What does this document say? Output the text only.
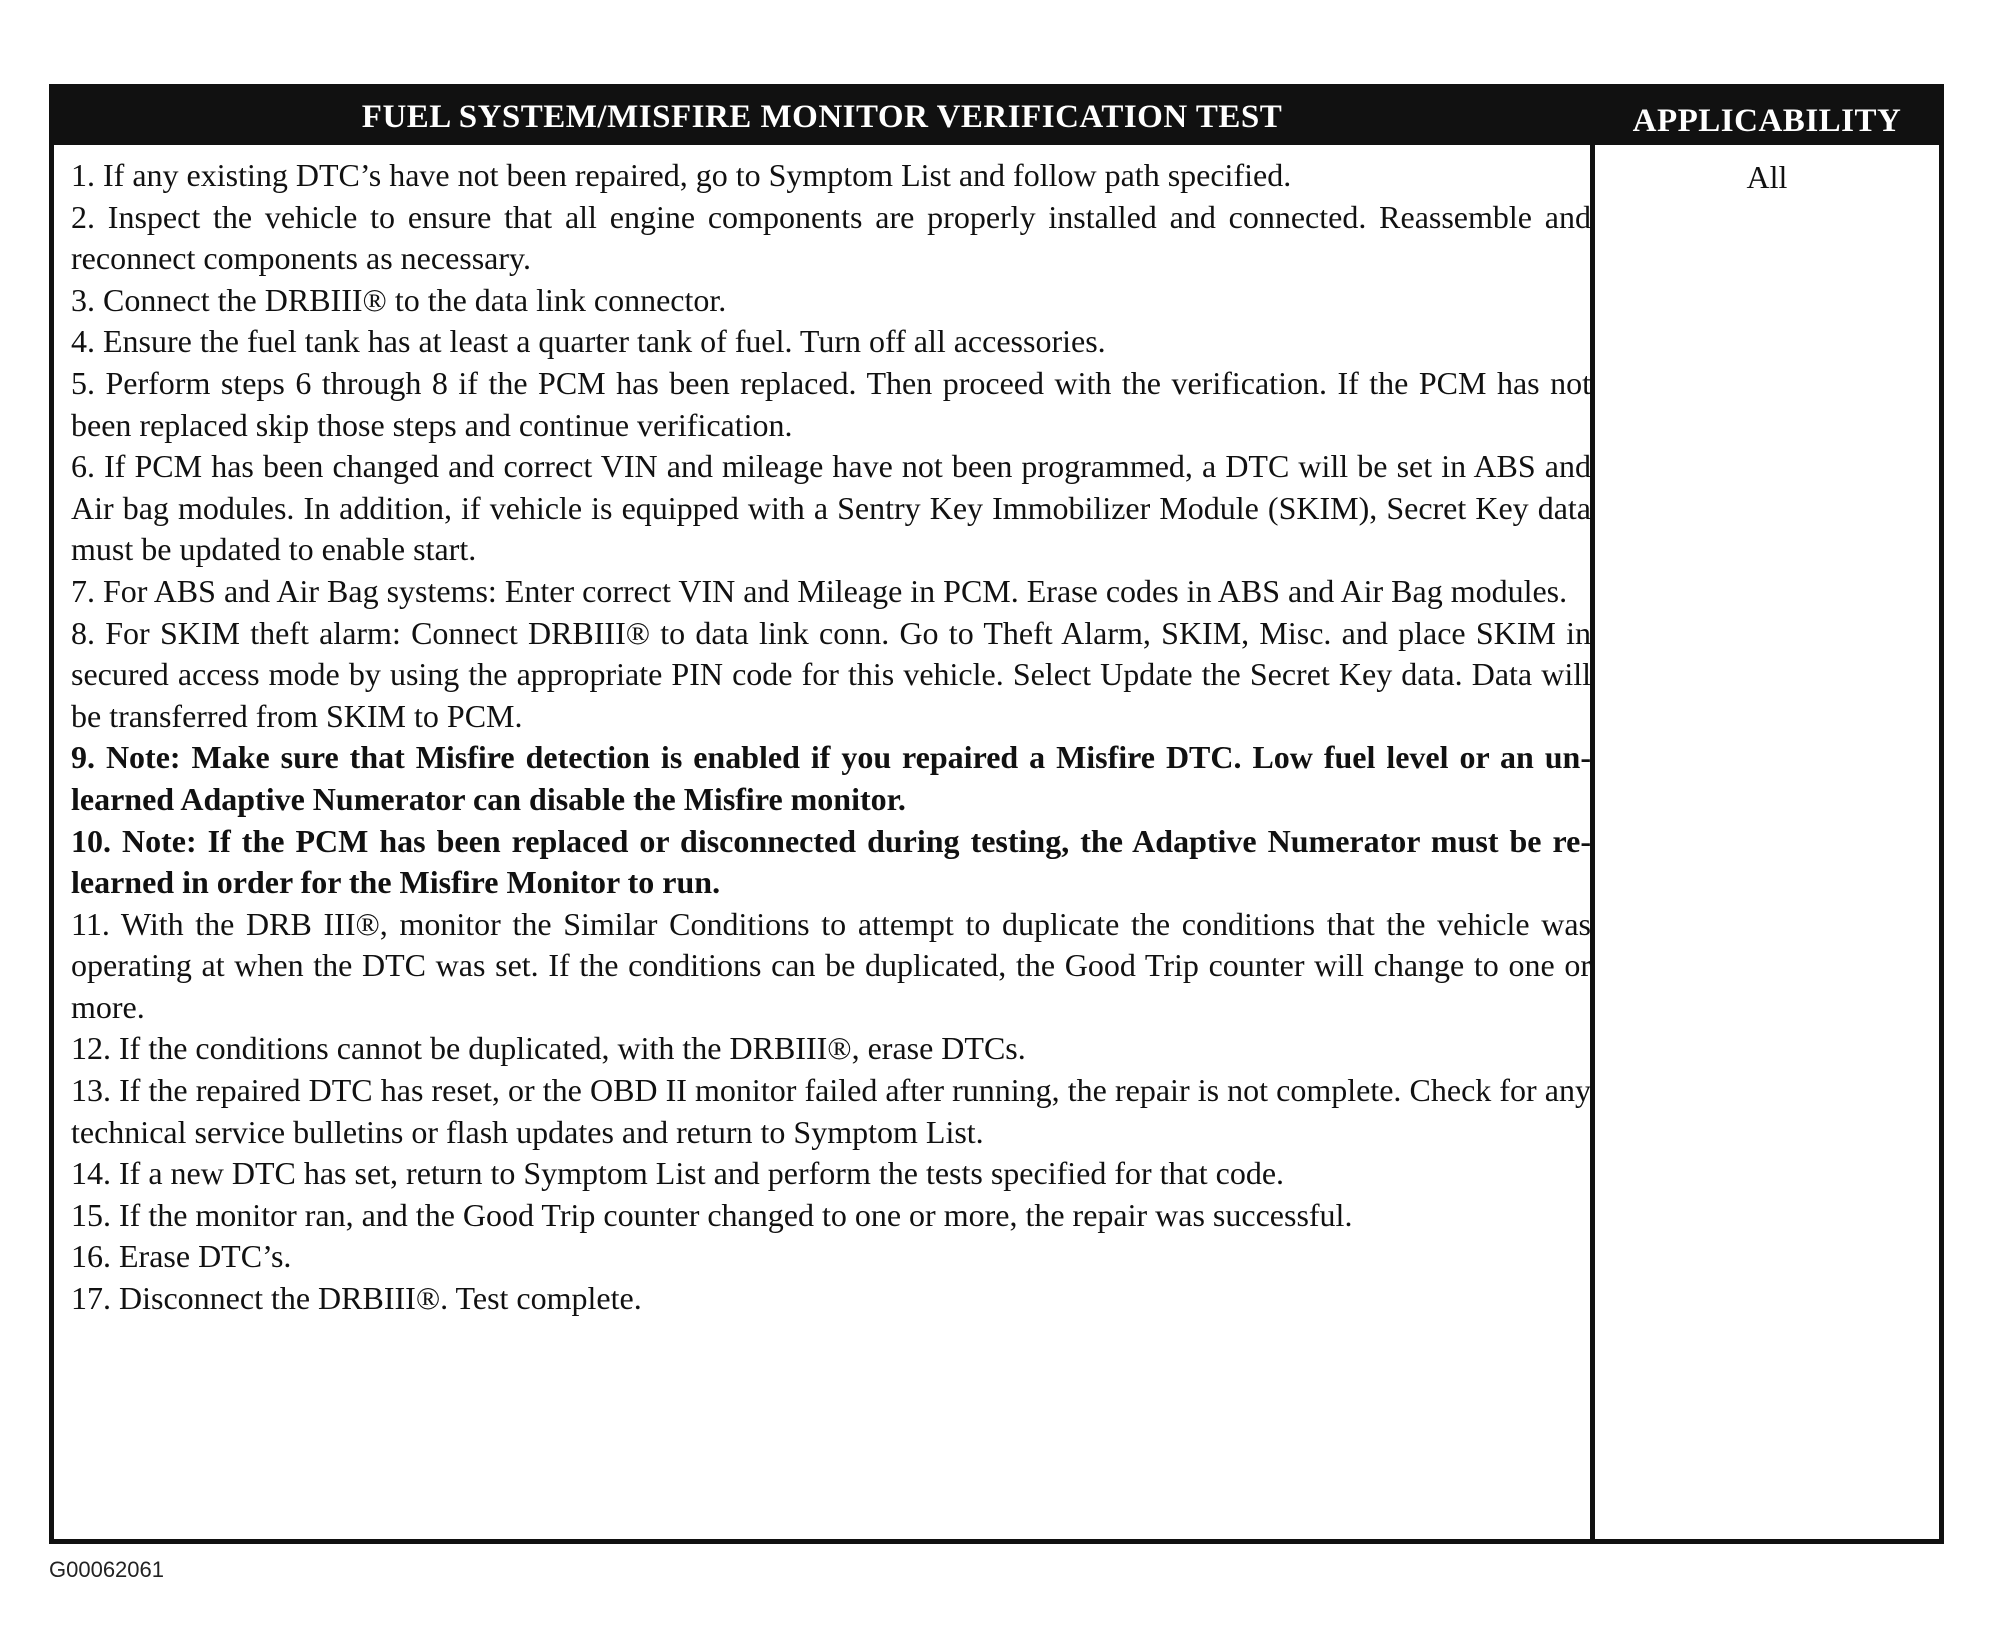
FUEL SYSTEM/MISFIRE MONITOR VERIFICATION TEST	APPLICABILITY

1. If any existing DTC’s have not been repaired, go to Symptom List and follow path specified.

2. Inspect the vehicle to ensure that all engine components are properly installed and connected. Reassemble and reconnect components as necessary.

3. Connect the DRBIII® to the data link connector.

4. Ensure the fuel tank has at least a quarter tank of fuel. Turn off all accessories.

5. Perform steps 6 through 8 if the PCM has been replaced. Then proceed with the verification. If the PCM has not been replaced skip those steps and continue verification.

6. If PCM has been changed and correct VIN and mileage have not been programmed, a DTC will be set in ABS and Air bag modules. In addition, if vehicle is equipped with a Sentry Key Immobilizer Module (SKIM), Secret Key data must be updated to enable start.

7. For ABS and Air Bag systems: Enter correct VIN and Mileage in PCM. Erase codes in ABS and Air Bag modules.

8. For SKIM theft alarm: Connect DRBIII® to data link conn. Go to Theft Alarm, SKIM, Misc. and place SKIM in secured access mode by using the appropriate PIN code for this vehicle. Select Update the Secret Key data. Data will be transferred from SKIM to PCM.

9. Note: Make sure that Misfire detection is enabled if you repaired a Misfire DTC. Low fuel level or an un-learned Adaptive Numerator can disable the Misfire monitor.

10. Note: If the PCM has been replaced or disconnected during testing, the Adaptive Numerator must be re-learned in order for the Misfire Monitor to run.

11. With the DRB III®, monitor the Similar Conditions to attempt to duplicate the conditions that the vehicle was operating at when the DTC was set. If the conditions can be duplicated, the Good Trip counter will change to one or more.

12. If the conditions cannot be duplicated, with the DRBIII®, erase DTCs.

13. If the repaired DTC has reset, or the OBD II monitor failed after running, the repair is not complete. Check for any technical service bulletins or flash updates and return to Symptom List.

14. If a new DTC has set, return to Symptom List and perform the tests specified for that code.

15. If the monitor ran, and the Good Trip counter changed to one or more, the repair was successful.

16. Erase DTC’s.

17. Disconnect the DRBIII®. Test complete.

All
G00062061
